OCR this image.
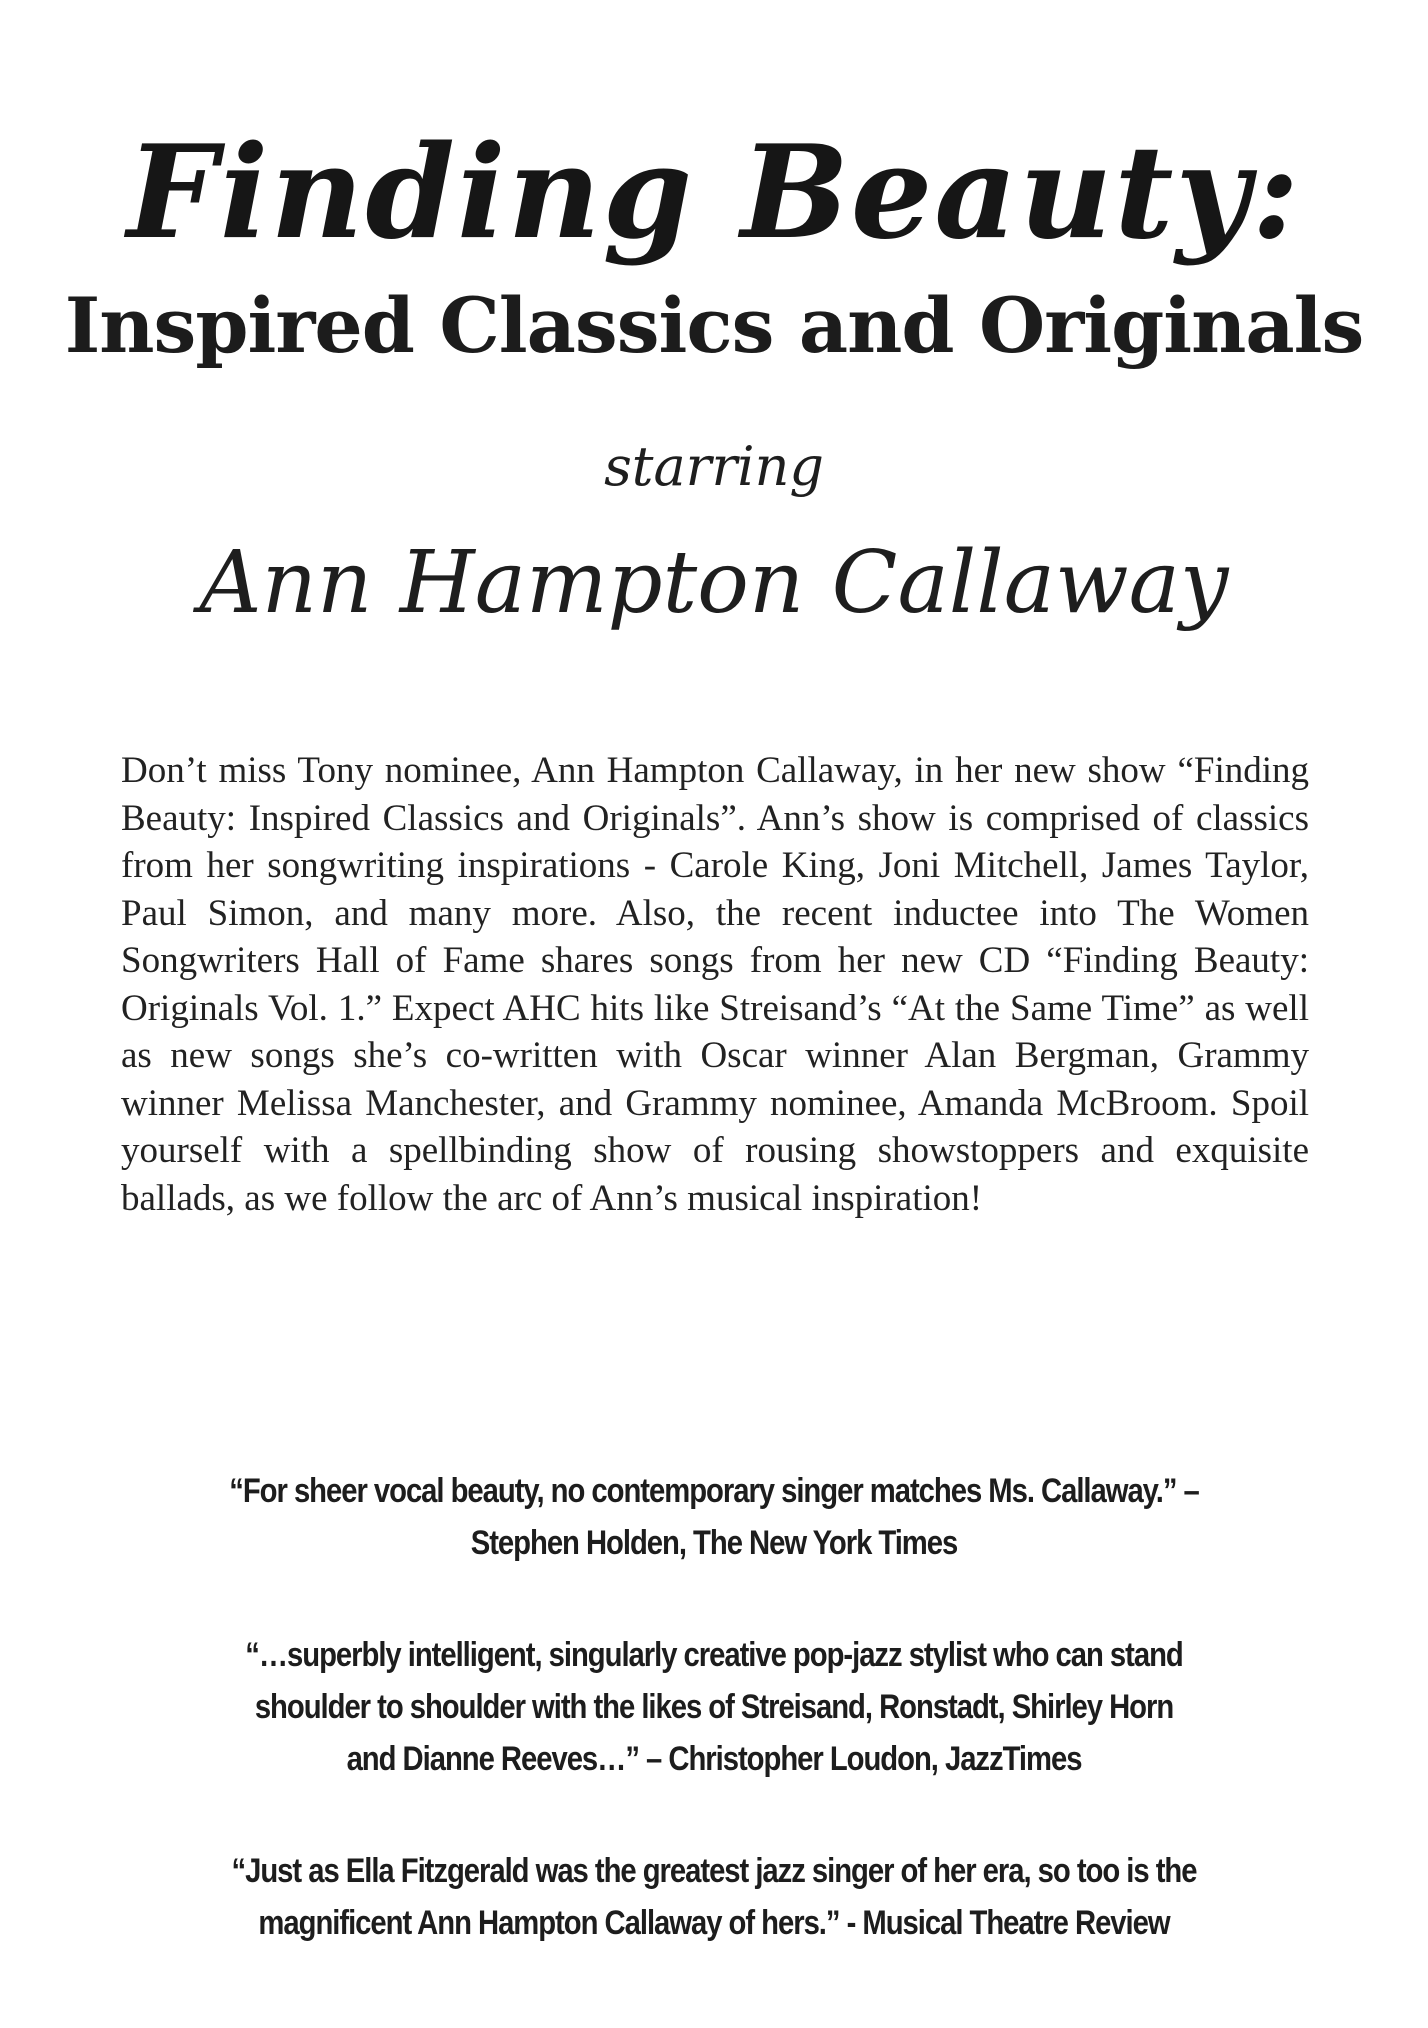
Finding Beauty:
Inspired Classics and Originals
starring
Ann Hampton Callaway
Don’t miss Tony nominee, Ann Hampton Callaway, in her new show “Finding Beauty: Inspired Classics and Originals”. Ann’s show is comprised of classics from her songwriting inspirations - Carole King, Joni Mitchell, James Taylor, Paul Simon, and many more. Also, the recent inductee into The Women Songwriters Hall of Fame shares songs from her new CD “Finding Beauty: Originals Vol. 1.” Expect AHC hits like Streisand’s “At the Same Time” as well as new songs she’s co-written with Oscar winner Alan Bergman, Grammy winner Melissa Manchester, and Grammy nominee, Amanda McBroom. Spoil yourself with a spellbinding show of rousing showstoppers and exquisite ballads, as we follow the arc of Ann’s musical inspiration!
“For sheer vocal beauty, no contemporary singer matches Ms. Callaway.” – Stephen Holden, The New York Times
“…superbly intelligent, singularly creative pop-jazz stylist who can stand shoulder to shoulder with the likes of Streisand, Ronstadt, Shirley Horn and Dianne Reeves…” – Christopher Loudon, JazzTimes
“Just as Ella Fitzgerald was the greatest jazz singer of her era, so too is the magnificent Ann Hampton Callaway of hers.” - Musical Theatre Review
